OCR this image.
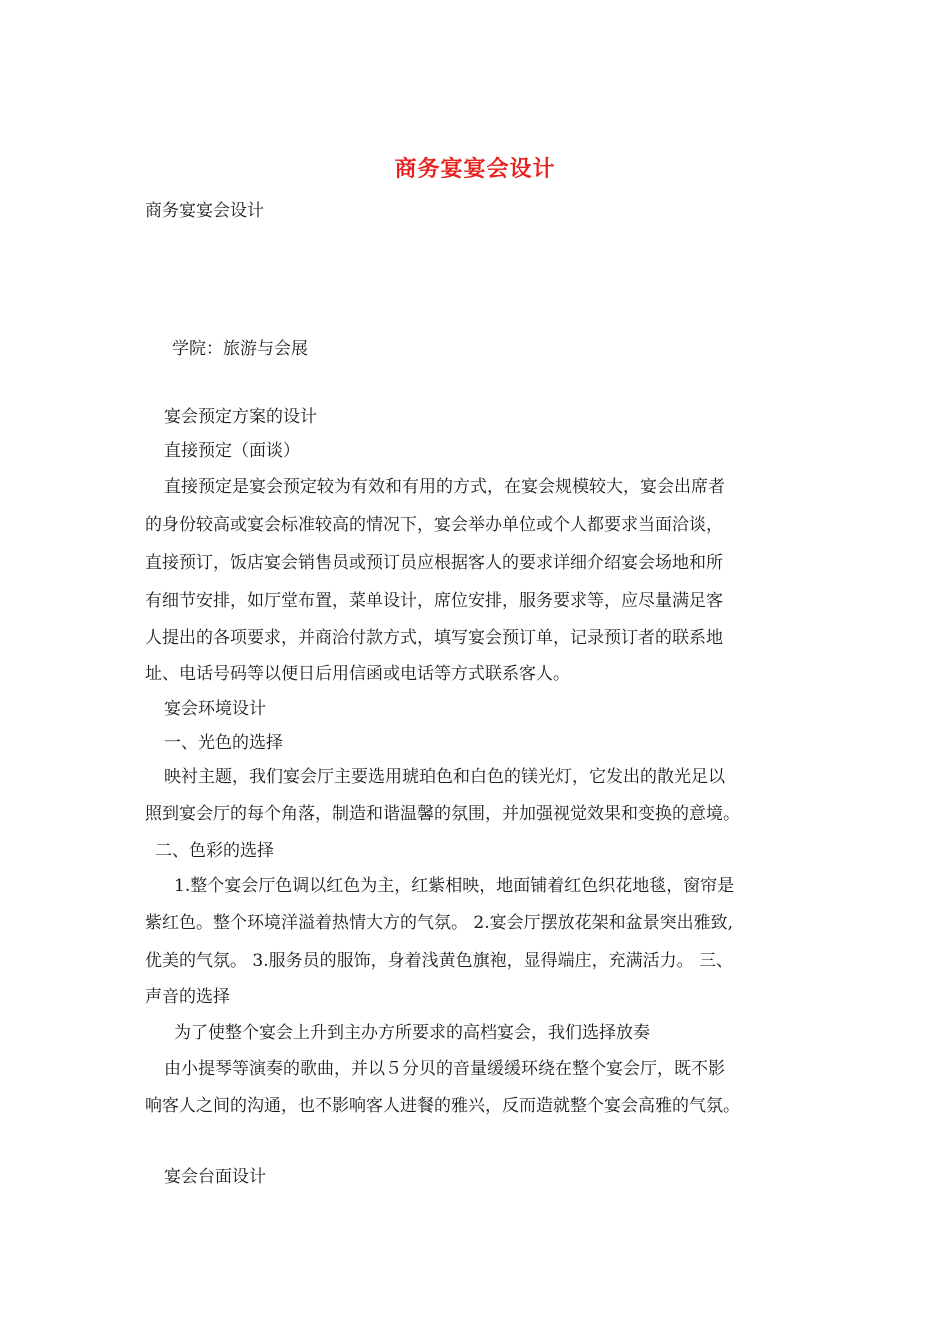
商务宴宴会设计
商务宴宴会设计
学院：旅游与会展
宴会预定方案的设计
直接预定（面谈）
直接预定是宴会预定较为有效和有用的方式，在宴会规模较大，宴会出席者
的身份较高或宴会标准较高的情况下，宴会举办单位或个人都要求当面洽谈，
直接预订，饭店宴会销售员或预订员应根据客人的要求详细介绍宴会场地和所
有细节安排，如厅堂布置，菜单设计，席位安排，服务要求等，应尽量满足客
人提出的各项要求，并商洽付款方式，填写宴会预订单，记录预订者的联系地
址、电话号码等以便日后用信函或电话等方式联系客人。
宴会环境设计
一、光色的选择
映衬主题，我们宴会厅主要选用琥珀色和白色的镁光灯，它发出的散光足以
照到宴会厅的每个角落，制造和谐温馨的氛围，并加强视觉效果和变换的意境。
二、色彩的选择
1.整个宴会厅色调以红色为主，红紫相映，地面铺着红色织花地毯，窗帘是
紫红色。整个环境洋溢着热情大方的气氛。 2.宴会厅摆放花架和盆景突出雅致,
优美的气氛。 3.服务员的服饰，身着浅黄色旗袍，显得端庄，充满活力。 三、
声音的选择
为了使整个宴会上升到主办方所要求的高档宴会，我们选择放奏
由小提琴等演奏的歌曲，并以５分贝的音量缓缓环绕在整个宴会厅，既不影
响客人之间的沟通，也不影响客人进餐的雅兴，反而造就整个宴会高雅的气氛。
宴会台面设计
